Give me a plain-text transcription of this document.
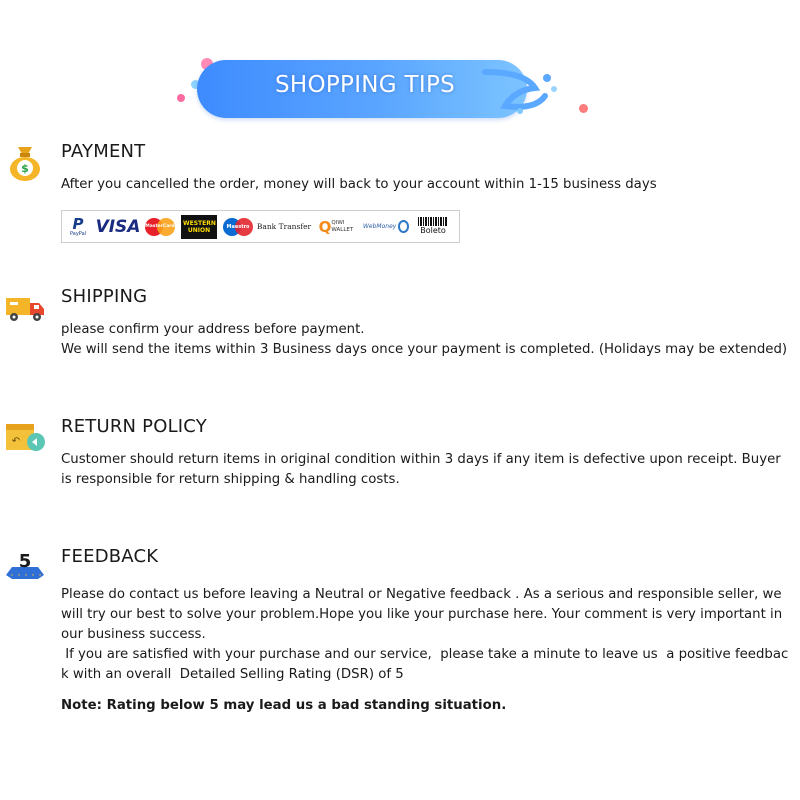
SHOPPING TIPS
$
PAYMENT
After you cancelled the order, money will back to your account within 1-15 business days
P
PayPal VISA MasterCard WESTERN UNION	Maestro Bank Transfer Q QIWI WALLET WebMoney	Boleto
SHIPPING
please confirm your address before payment.
We will send the items within 3 Business days once your payment is completed. (Holidays may be extended)
↶
RETURN POLICY
Customer should return items in original condition within 3 days if any item is defective upon receipt. Buyer
is responsible for return shipping & handling costs.
5 FEEDBACK
Please do contact us before leaving a Neutral or Negative feedback . As a serious and responsible seller, we
will try our best to solve your problem.Hope you like your purchase here. Your comment is very important in
our business success.
If you are satisfied with your purchase and our service,  please take a minute to leave us  a positive feedbac
k with an overall  Detailed Selling Rating (DSR) of 5
Note: Rating below 5 may lead us a bad standing situation.
